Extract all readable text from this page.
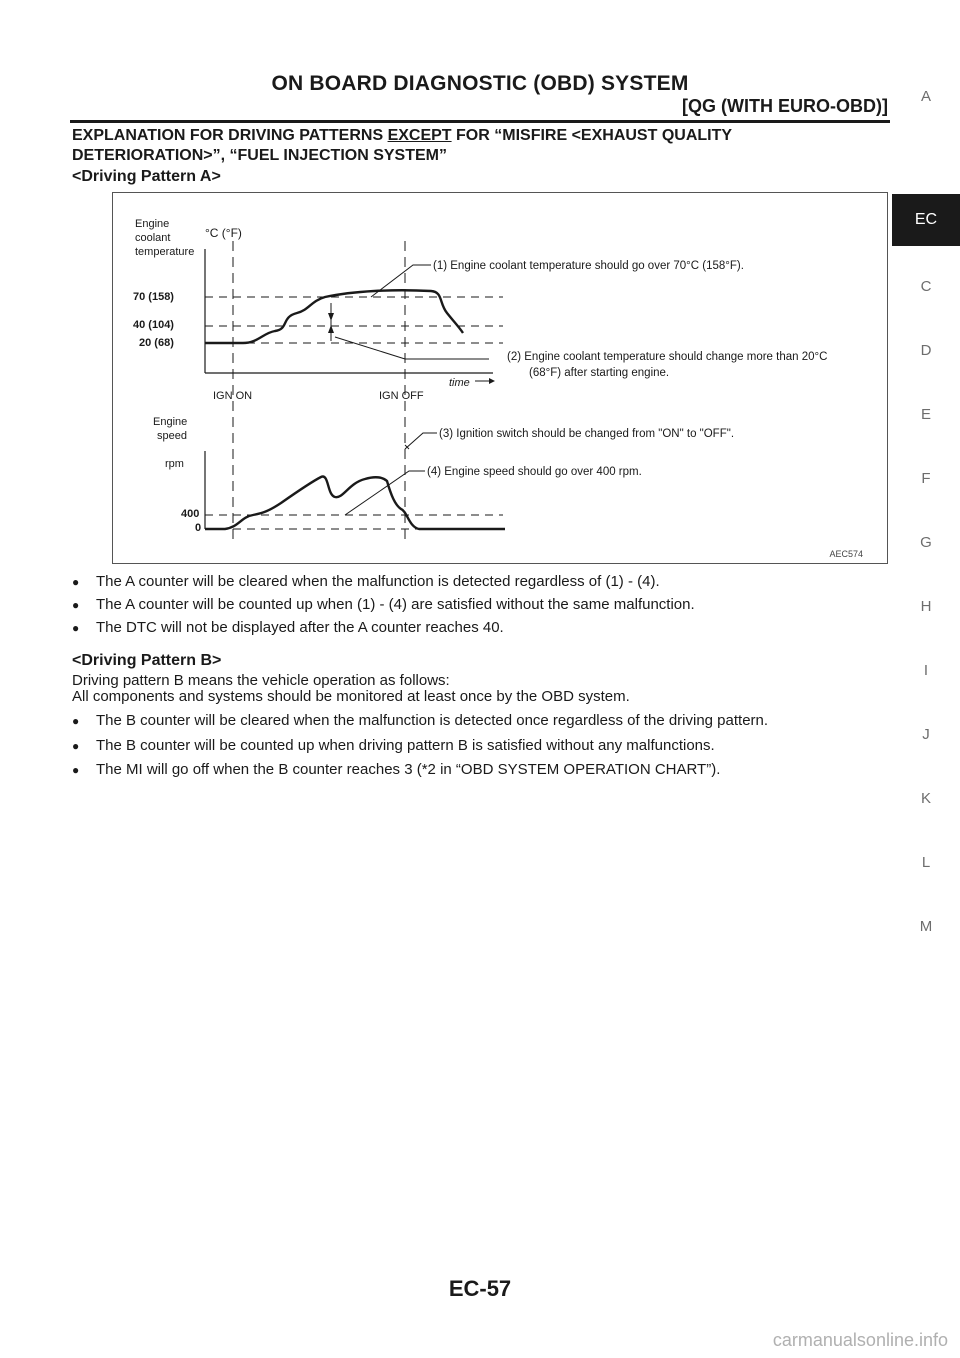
ON BOARD DIAGNOSTIC (OBD) SYSTEM
[QG (WITH EURO-OBD)]	A
EC
C
D
E
F
G
H
I
J
K
L
M
EXPLANATION FOR DRIVING PATTERNS EXCEPT FOR “MISFIRE <EXHAUST QUALITY
DETERIORATION>”, “FUEL INJECTION SYSTEM”
<Driving Pattern A>
Engine
coolant
temperature
°C (°F)
70 (158)
40 (104)
20 (68)
time
IGN ON	IGN OFF
(1) Engine coolant temperature should go over 70°C (158°F).
(2) Engine coolant temperature should change more than 20°C
(68°F) after starting engine.
Engine
speed
rpm
400
0
(3) Ignition switch should be changed from "ON" to "OFF".
(4) Engine speed should go over 400 rpm.
AEC574
● The A counter will be cleared when the malfunction is detected regardless of (1) - (4).
● The A counter will be counted up when (1) - (4) are satisfied without the same malfunction.
● The DTC will not be displayed after the A counter reaches 40.
<Driving Pattern B>
Driving pattern B means the vehicle operation as follows:
All components and systems should be monitored at least once by the OBD system.
● The B counter will be cleared when the malfunction is detected once regardless of the driving pattern.
● The B counter will be counted up when driving pattern B is satisfied without any malfunctions.
● The MI will go off when the B counter reaches 3 (*2 in “OBD SYSTEM OPERATION CHART”).
EC-57
carmanualsonline.info
